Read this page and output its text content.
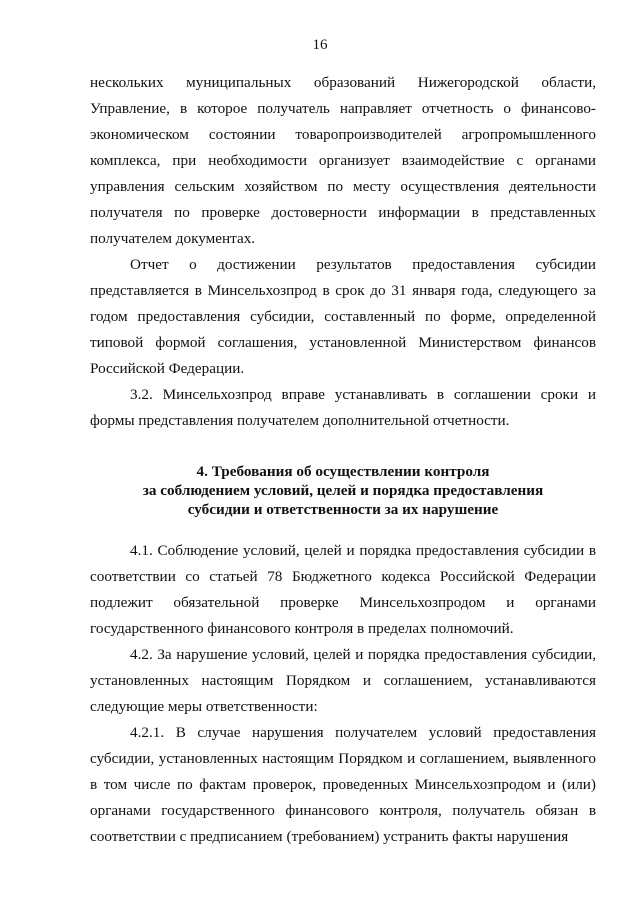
16

нескольких муниципальных образований Нижегородской области, Управление, в которое получатель направляет отчетность о финансово-экономическом состоянии товаропроизводителей агропромышленного комплекса, при необходимости организует взаимодействие с органами управления сельским хозяйством по месту осуществления деятельности получателя по проверке достоверности информации в представленных получателем документах.

Отчет о достижении результатов предоставления субсидии представляется в Минсельхозпрод в срок до 31 января года, следующего за годом предоставления субсидии, составленный по форме, определенной типовой формой соглашения, установленной Министерством финансов Российской Федерации.

3.2. Минсельхозпрод вправе устанавливать в соглашении сроки и формы представления получателем дополнительной отчетности.

4. Требования об осуществлении контроля
за соблюдением условий, целей и порядка предоставления
субсидии и ответственности за их нарушение

4.1. Соблюдение условий, целей и порядка предоставления субсидии в соответствии со статьей 78 Бюджетного кодекса Российской Федерации подлежит обязательной проверке Минсельхозпродом и органами государственного финансового контроля в пределах полномочий.

4.2. За нарушение условий, целей и порядка предоставления субсидии, установленных настоящим Порядком и соглашением, устанавливаются следующие меры ответственности:

4.2.1. В случае нарушения получателем условий предоставления субсидии, установленных настоящим Порядком и соглашением, выявленного в том числе по фактам проверок, проведенных Минсельхозпродом и (или) органами государственного финансового контроля, получатель обязан в соответствии с предписанием (требованием) устранить факты нарушения
